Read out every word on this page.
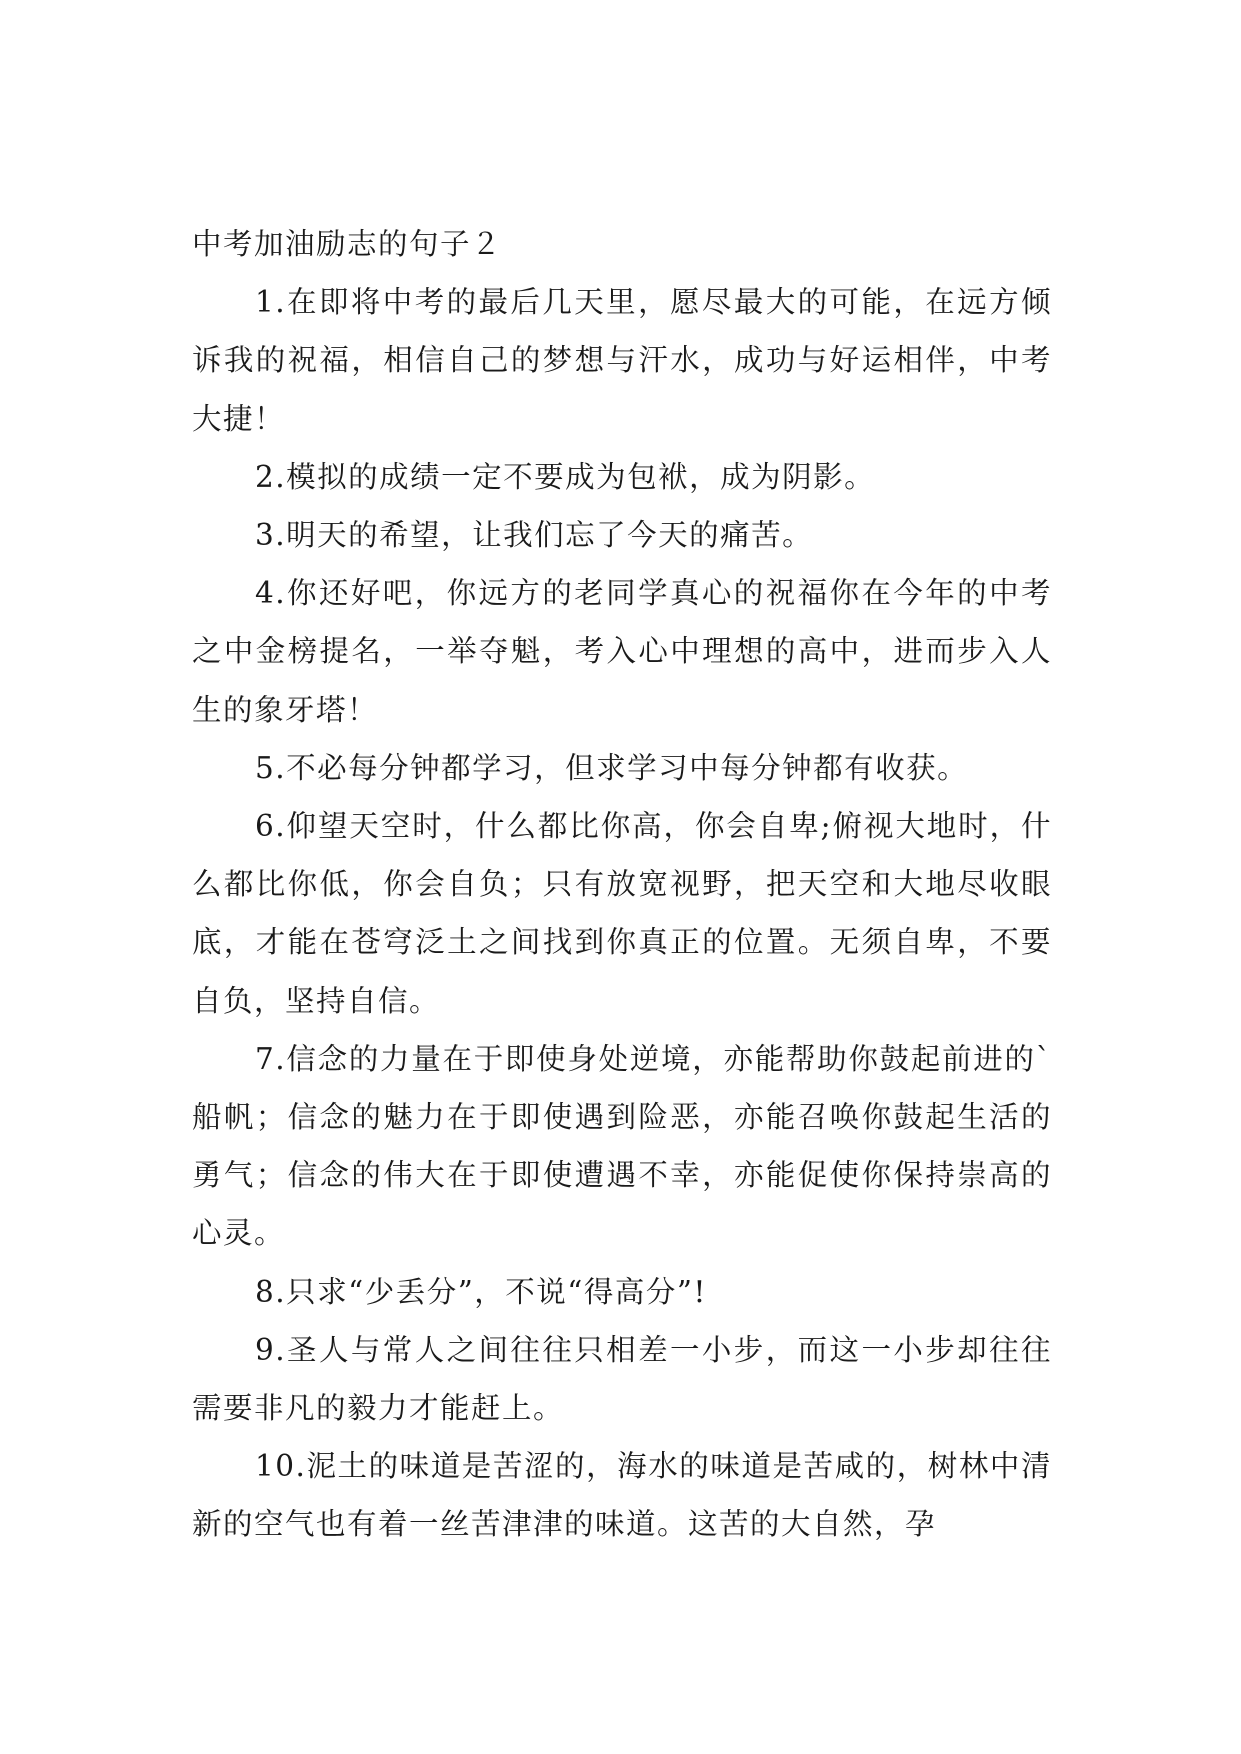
中考加油励志的句子２

1.在即将中考的最后几天里，愿尽最大的可能，在远方倾诉我的祝福，相信自己的梦想与汗水，成功与好运相伴，中考大捷！

2.模拟的成绩一定不要成为包袱，成为阴影。

3.明天的希望，让我们忘了今天的痛苦。

4.你还好吧，你远方的老同学真心的祝福你在今年的中考之中金榜提名，一举夺魁，考入心中理想的高中，进而步入人生的象牙塔！

5.不必每分钟都学习，但求学习中每分钟都有收获。

6.仰望天空时，什么都比你高，你会自卑;俯视大地时，什么都比你低，你会自负；只有放宽视野，把天空和大地尽收眼底，才能在苍穹泛土之间找到你真正的位置。无须自卑，不要自负，坚持自信。

7.信念的力量在于即使身处逆境，亦能帮助你鼓起前进的`船帆；信念的魅力在于即使遇到险恶，亦能召唤你鼓起生活的勇气；信念的伟大在于即使遭遇不幸，亦能促使你保持崇高的心灵。

8.只求“少丢分”，不说“得高分”!

9.圣人与常人之间往往只相差一小步，而这一小步却往往需要非凡的毅力才能赶上。

10.泥土的味道是苦涩的，海水的味道是苦咸的，树林中清新的空气也有着一丝苦津津的味道。这苦的大自然，孕
